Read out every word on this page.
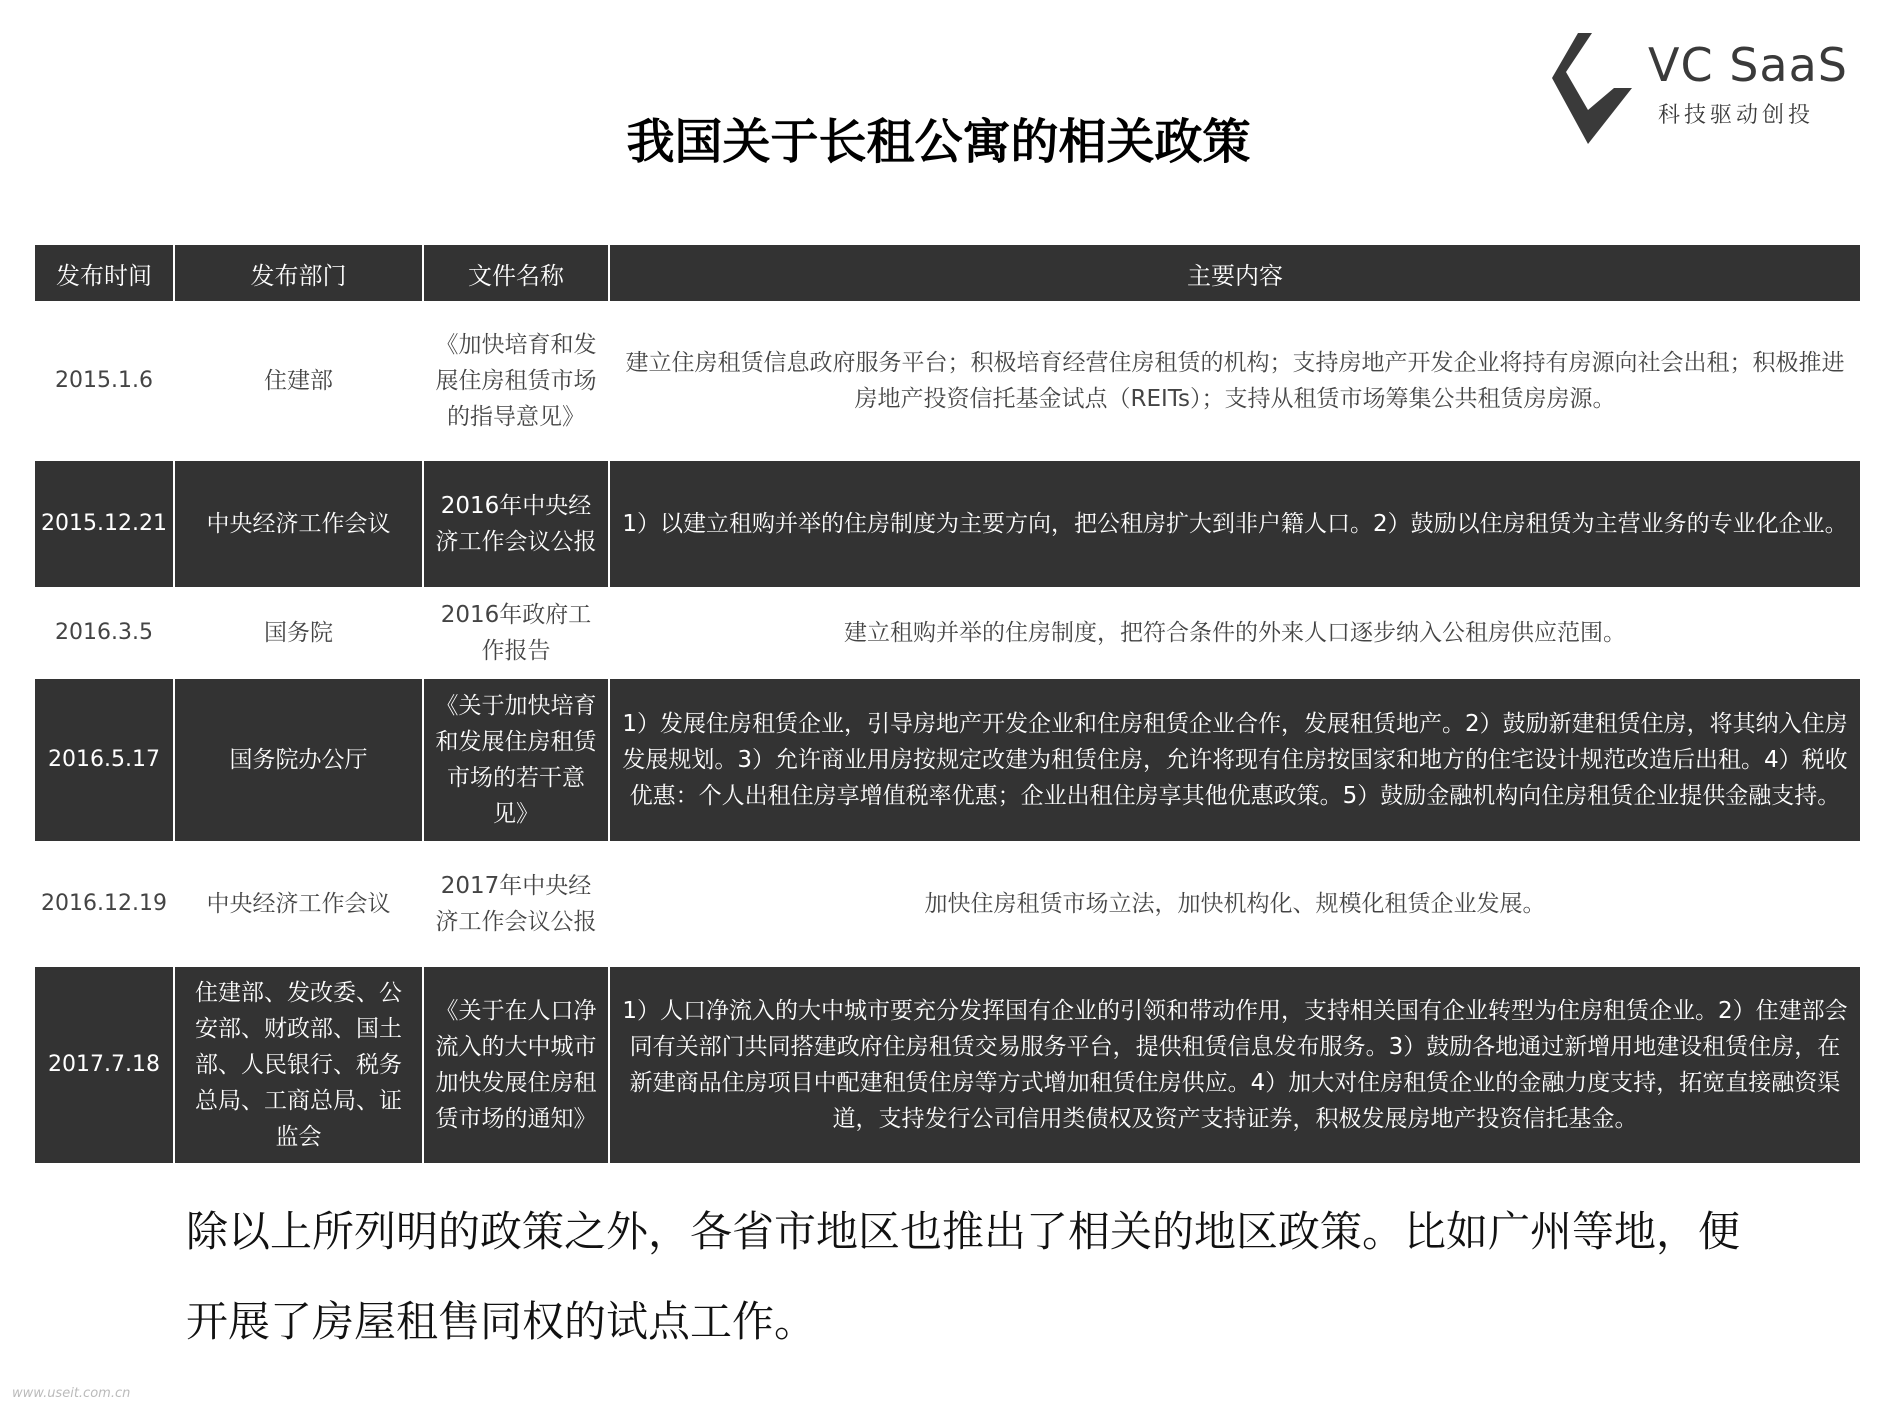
VC SaaS
科技驱动创投
我国关于长租公寓的相关政策
发布时间	发布部门	文件名称	主要内容
2015.1.6	住建部	《加快培育和发展住房租赁市场的指导意见》	建立住房租赁信息政府服务平台；积极培育经营住房租赁的机构；支持房地产开发企业将持有房源向社会出租；积极推进房地产投资信托基金试点（REITs）；支持从租赁市场筹集公共租赁房房源。
2015.12.21	中央经济工作会议	2016年中央经济工作会议公报	1）以建立租购并举的住房制度为主要方向，把公租房扩大到非户籍人口。2）鼓励以住房租赁为主营业务的专业化企业。
2016.3.5	国务院	2016年政府工作报告	建立租购并举的住房制度，把符合条件的外来人口逐步纳入公租房供应范围。
2016.5.17	国务院办公厅	《关于加快培育和发展住房租赁市场的若干意见》	1）发展住房租赁企业，引导房地产开发企业和住房租赁企业合作，发展租赁地产。2）鼓励新建租赁住房，将其纳入住房发展规划。3）允许商业用房按规定改建为租赁住房，允许将现有住房按国家和地方的住宅设计规范改造后出租。4）税收优惠：个人出租住房享增值税率优惠；企业出租住房享其他优惠政策。5）鼓励金融机构向住房租赁企业提供金融支持。
2016.12.19	中央经济工作会议	2017年中央经济工作会议公报	加快住房租赁市场立法，加快机构化、规模化租赁企业发展。
2017.7.18	住建部、发改委、公安部、财政部、国土部、人民银行、税务总局、工商总局、证监会	《关于在人口净流入的大中城市加快发展住房租赁市场的通知》	1）人口净流入的大中城市要充分发挥国有企业的引领和带动作用，支持相关国有企业转型为住房租赁企业。2）住建部会同有关部门共同搭建政府住房租赁交易服务平台，提供租赁信息发布服务。3）鼓励各地通过新增用地建设租赁住房，在新建商品住房项目中配建租赁住房等方式增加租赁住房供应。4）加大对住房租赁企业的金融力度支持，拓宽直接融资渠道，支持发行公司信用类债权及资产支持证券，积极发展房地产投资信托基金。

除以上所列明的政策之外，各省市地区也推出了相关的地区政策。比如广州等地，便开展了房屋租售同权的试点工作。

www.useit.com.cn
